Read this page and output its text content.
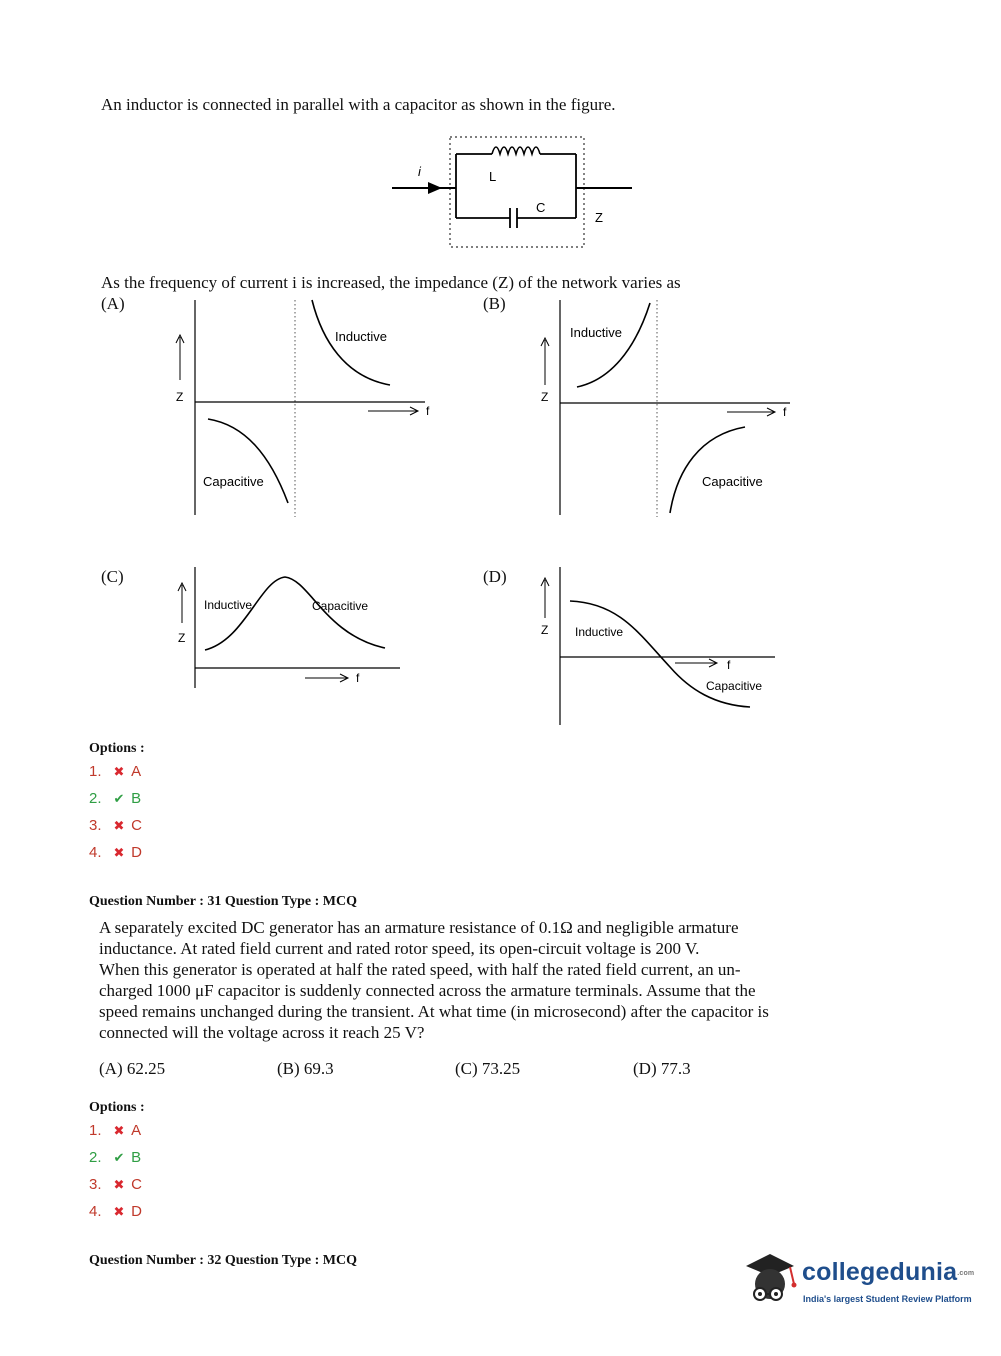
An inductor is connected in parallel with a capacitor as shown in the figure.
i	L
C
Z
As the frequency of current i is increased, the impedance (Z) of the network varies as
(A)	(B)
(C)	(D)
Z
f
Inductive
Capacitive
Z
f
Inductive
Capacitive
Z
f
Inductive	Capacitive
Z
f
Inductive
Capacitive
Options :
1. ✖
A
2. ✔
B
3. ✖
C
4. ✖
D
Question Number : 31 Question Type : MCQ
A separately excited DC generator has an armature resistance of 0.1Ω and negligible armature
inductance. At rated field current and rated rotor speed, its open-circuit voltage is 200 V.
When this generator is operated at half the rated speed, with half the rated field current, an un-
charged 1000 μF capacitor is suddenly connected across the armature terminals. Assume that the
speed remains unchanged during the transient. At what time (in microsecond) after the capacitor is
connected will the voltage across it reach 25 V?
(A) 62.25	(B) 69.3	(C) 73.25	(D) 77.3
Options :
1. ✖
A
2. ✔
B
3. ✖
C
4. ✖
D
Question Number : 32 Question Type : MCQ	collegedunia.com
India's largest Student Review Platform
